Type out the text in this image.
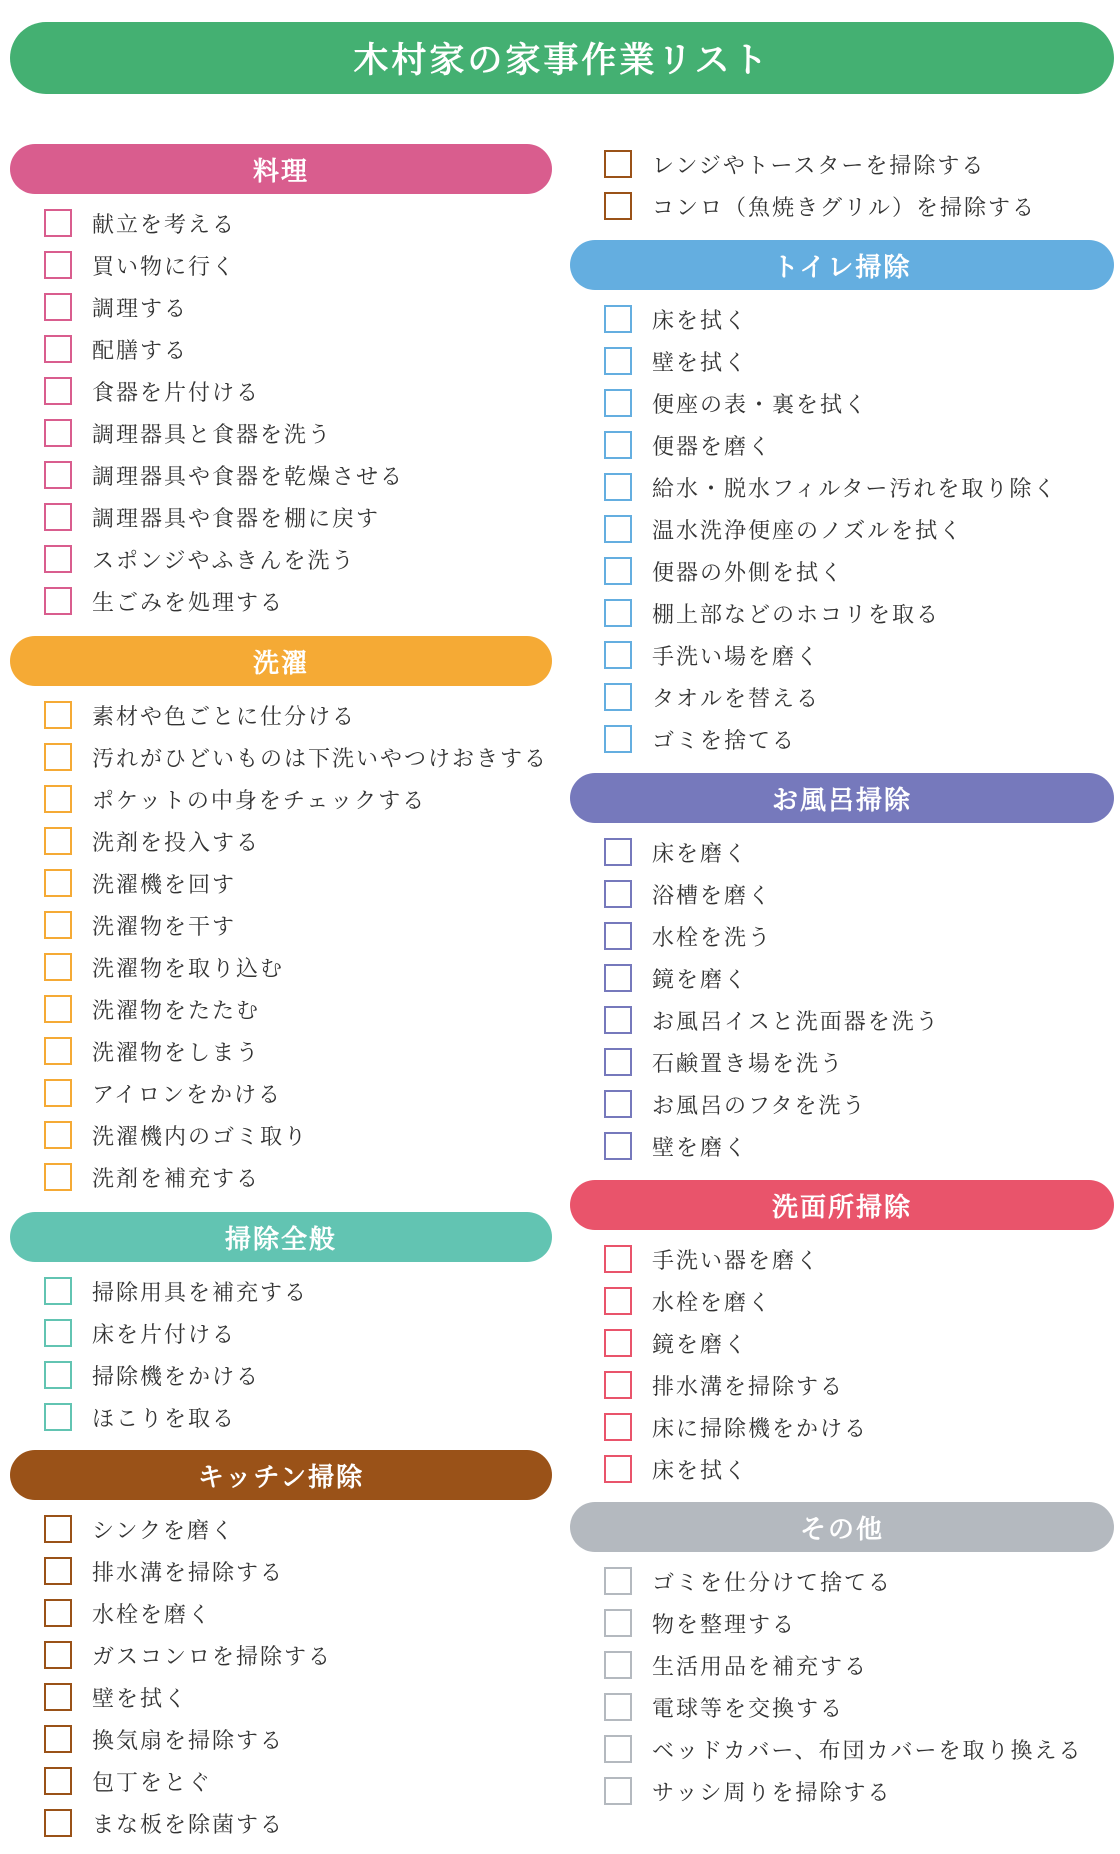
木村家の家事作業リスト
料理
献立を考える
買い物に行く
調理する
配膳する
食器を片付ける
調理器具と食器を洗う
調理器具や食器を乾燥させる
調理器具や食器を棚に戻す
スポンジやふきんを洗う
生ごみを処理する
洗濯
素材や色ごとに仕分ける
汚れがひどいものは下洗いやつけおきする
ポケットの中身をチェックする
洗剤を投入する
洗濯機を回す
洗濯物を干す
洗濯物を取り込む
洗濯物をたたむ
洗濯物をしまう
アイロンをかける
洗濯機内のゴミ取り
洗剤を補充する
掃除全般
掃除用具を補充する
床を片付ける
掃除機をかける
ほこりを取る
キッチン掃除
シンクを磨く
排水溝を掃除する
水栓を磨く
ガスコンロを掃除する
壁を拭く
換気扇を掃除する
包丁をとぐ
まな板を除菌する
レンジやトースターを掃除する
コンロ（魚焼きグリル）を掃除する
トイレ掃除
床を拭く
壁を拭く
便座の表・裏を拭く
便器を磨く
給水・脱水フィルター汚れを取り除く
温水洗浄便座のノズルを拭く
便器の外側を拭く
棚上部などのホコリを取る
手洗い場を磨く
タオルを替える
ゴミを捨てる
お風呂掃除
床を磨く
浴槽を磨く
水栓を洗う
鏡を磨く
お風呂イスと洗面器を洗う
石鹸置き場を洗う
お風呂のフタを洗う
壁を磨く
洗面所掃除
手洗い器を磨く
水栓を磨く
鏡を磨く
排水溝を掃除する
床に掃除機をかける
床を拭く
その他
ゴミを仕分けて捨てる
物を整理する
生活用品を補充する
電球等を交換する
ベッドカバー、布団カバーを取り換える
サッシ周りを掃除する
